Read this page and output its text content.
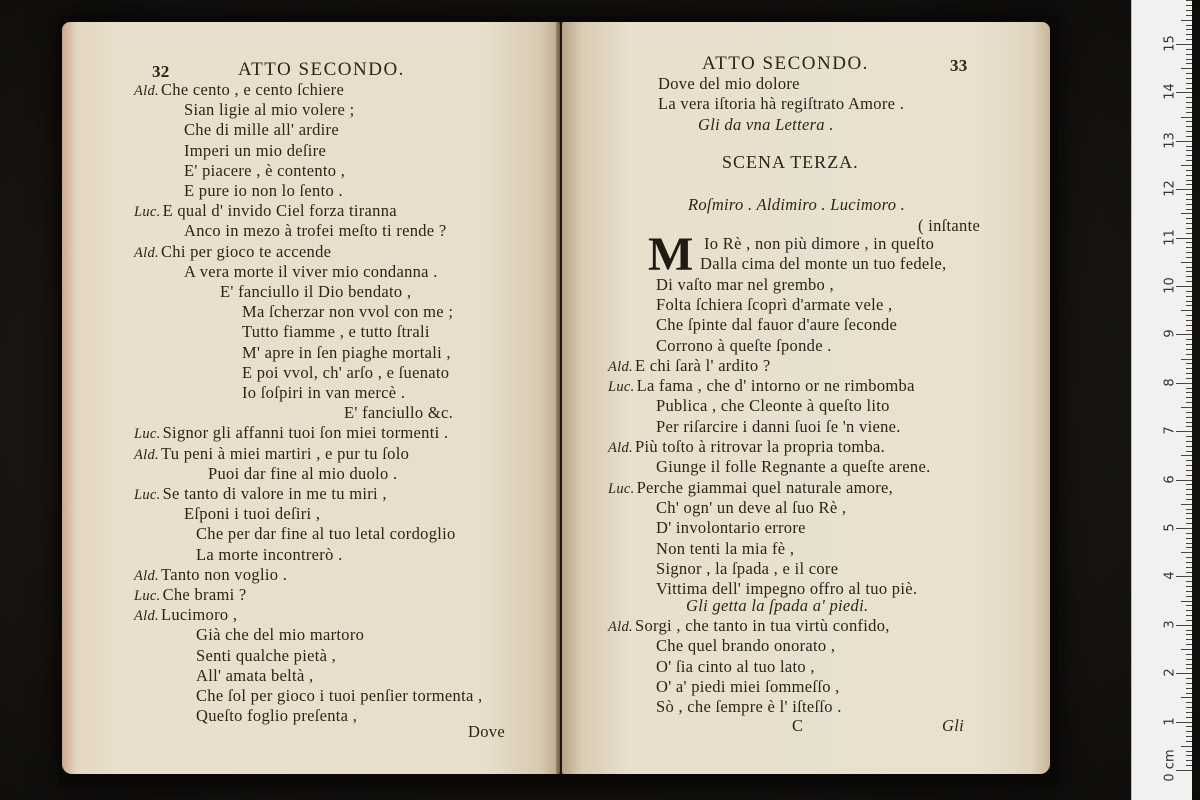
32	ATTO SECONDO.
Ald. Che cento , e cento ſchiere
Sian ligie al mio volere ;
Che di mille all' ardire
Imperi un mio deſire
E' piacere , è contento ,
E pure io non lo ſento .
Luc. E qual d' invido Ciel forza tiranna
Anco in mezo à trofei meſto ti rende ?
Ald. Chi per gioco te accende
A vera morte il viver mio condanna .
E' fanciullo il Dio bendato ,
Ma ſcherzar non vvol con me ;
Tutto fiamme , e tutto ſtrali
M' apre in ſen piaghe mortali ,
E poi vvol, ch' arſo , e ſuenato
Io ſoſpiri in van mercè .
E' fanciullo &c.
Luc. Signor gli affanni tuoi ſon miei tormenti .
Ald. Tu peni à miei martiri , e pur tu ſolo
Puoi dar fine al mio duolo .
Luc. Se tanto di valore in me tu miri ,
Eſponi i tuoi deſiri ,
Che per dar fine al tuo letal cordoglio
La morte incontrerò .
Ald. Tanto non voglio .
Luc. Che brami ?
Ald. Lucimoro ,
Già che del mio martoro
Senti qualche pietà ,
All' amata beltà ,
Che ſol per gioco i tuoi penſier tormenta ,
Queſto foglio preſenta ,
Dove
ATTO SECONDO.	33
Dove del mio dolore
La vera iſtoria hà regiſtrato Amore .
Gli da vna Lettera .
SCENA TERZA.
Roſmiro . Aldimiro . Lucimoro .
( inſtante
M Io Rè , non più dimore , in queſto
Dalla cima del monte un tuo fedele,
Di vaſto mar nel grembo ,
Folta ſchiera ſcoprì d'armate vele ,
Che ſpinte dal fauor d'aure ſeconde
Corrono à queſte ſponde .
Ald. E chi ſarà l' ardito ?
Luc. La fama , che d' intorno or ne rimbomba
Publica , che Cleonte à queſto lito
Per riſarcire i danni ſuoi ſe 'n viene.
Ald. Più toſto à ritrovar la propria tomba.
Giunge il folle Regnante a queſte arene.
Luc. Perche giammai quel naturale amore,
Ch' ogn' un deve al ſuo Rè ,
D' involontario errore
Non tenti la mia fè ,
Signor , la ſpada , e il core
Vittima dell' impegno offro al tuo piè.
Gli getta la ſpada a' piedi.
Ald. Sorgi , che tanto in tua virtù confido,
Che quel brando onorato ,
O' ſia cinto al tuo lato ,
O' a' piedi miei ſommeſſo ,
Sò , che ſempre è l' iſteſſo .
C	Gli
0 cm
1
2
3
4
5
6
7
8
9
10
11
12
13
14
15
